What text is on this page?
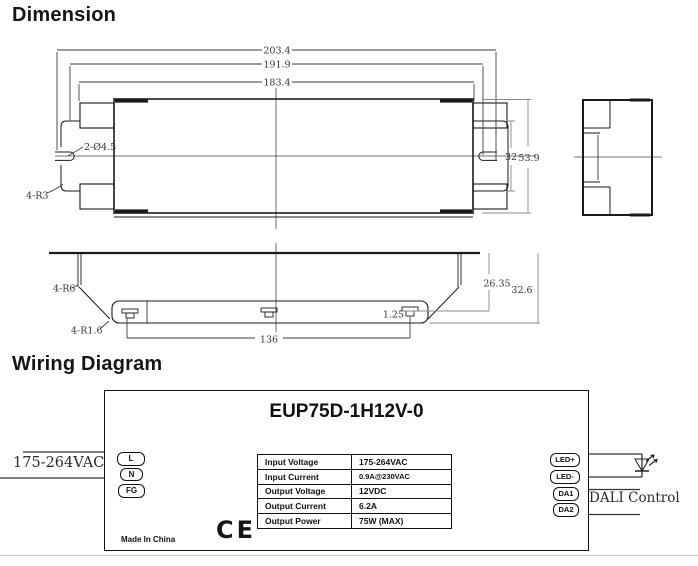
203.4
191.9
183.4
2-Ø4.5
4-R3
32 53.9
4-R6
4-R1.6
136
1.25
26.35
32.6
Dimension
Wiring Diagram
175-264VAC
EUP75D-1H12V-0
L
N
FG
LED+
LED-
DA1
DA2
Input Voltage	175-264VAC
Input Current	0.9A@230VAC
Output Voltage	12VDC
Output Current	6.2A
Output Power	75W (MAX)
Made In China CE
DALI Control
